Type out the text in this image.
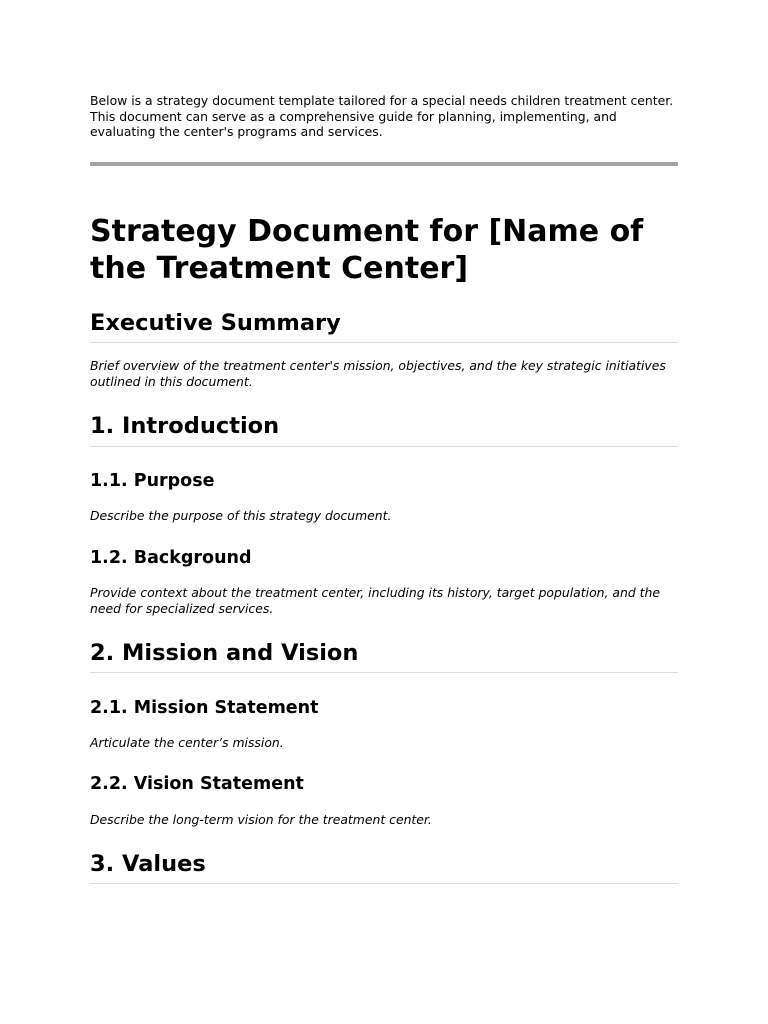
Below is a strategy document template tailored for a special needs children treatment center. This document can serve as a comprehensive guide for planning, implementing, and evaluating the center's programs and services.

Strategy Document for [Name of the Treatment Center]
Executive Summary

Brief overview of the treatment center's mission, objectives, and the key strategic initiatives outlined in this document.

1. Introduction
1.1. Purpose

Describe the purpose of this strategy document.

1.2. Background

Provide context about the treatment center, including its history, target population, and the need for specialized services.

2. Mission and Vision
2.1. Mission Statement

Articulate the center’s mission.

2.2. Vision Statement

Describe the long-term vision for the treatment center.

3. Values
